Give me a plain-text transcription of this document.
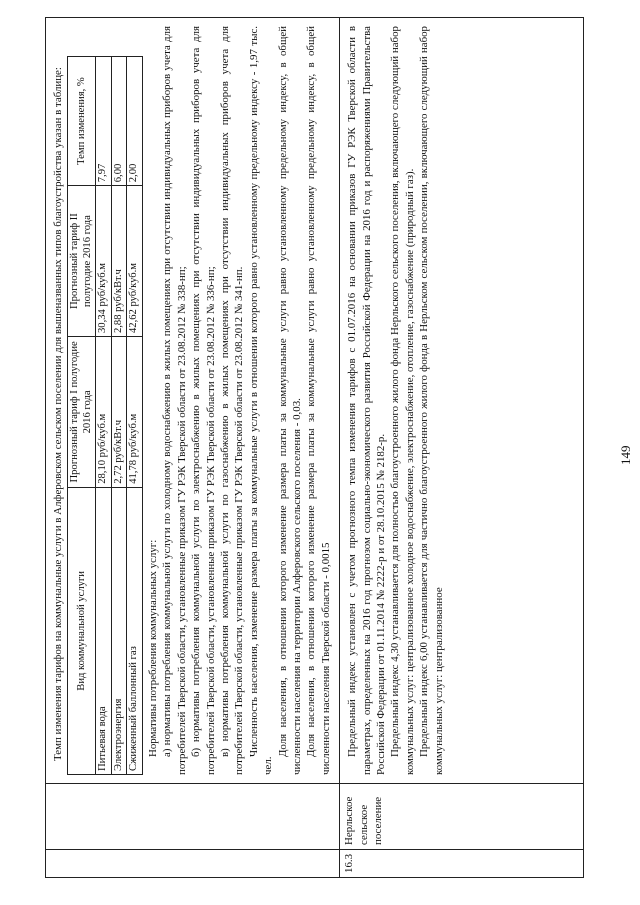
149

Темп изменения тарифов на коммунальные услуги в Алферовском сельском поселении для вышеназванных типов благоустройства указан в таблице: Вид коммунальной услуги	Прогнозный тариф I полугодие 2016 года	Прогнозный тариф II полугодие 2016 года	Темп изменения, %
Питьевая вода	28,10 руб/куб.м	30,34 руб/куб.м	7,97
Электроэнергия	2,72 руб/кВт.ч	2,88 руб/кВт.ч	6,00
Сжиженный баллонный газ	41,78 руб/куб.м	42,62 руб/куб.м	2,00

Нормативы потребления коммунальных услуг: а) нормативы потребления коммунальной услуги по холодному водоснабжению в жилых помещениях при отсутствии индивидуальных приборов учета для потребителей Тверской области, установленные приказом ГУ РЭК Тверской области от 23.08.2012 № 338-нп; б) нормативы потребления коммунальной услуги по электроснабжению в жилых помещениях при отсутствии индивидуальных приборов учета для потребителей Тверской области, установленные приказом ГУ РЭК Тверской области от 23.08.2012 № 336-нп; в) нормативы потребления коммунальной услуги по газоснабжению в жилых помещениях при отсутствии индивидуальных приборов учета для потребителей Тверской области, установленные приказом ГУ РЭК Тверской области от 23.08.2012 № 341-нп. Численность населения, изменение размера платы за коммунальные услуги в отношении которого равно установленному предельному индексу - 1,97 тыс. чел.

Доля населения, в отношении которого изменение размера платы за коммунальные услуги равно установленному предельному индексу, в общей численности населения на территории Алферовского сельского поселения - 0,03. Доля населения, в отношении которого изменение размера платы за коммунальные услуги равно установленному предельному индексу, в общей численности населения Тверской области - 0,0015

16.3	Нерльское сельское поселение	

Предельный индекс установлен с учетом прогнозного темпа изменения тарифов с 01.07.2016 на основании приказов ГУ РЭК Тверской области в параметрах, определенных на 2016 год прогнозом социально-экономического развития Российской Федерации на 2016 год и распоряжениями Правительства Российской Федерации от 01.11.2014 № 2222-р и от 28.10.2015 № 2182-р. Предельный индекс 4,30 устанавливается для полностью благоустроенного жилого фонда Нерльского сельского поселения, включающего следующий набор коммунальных услуг: централизованное холодное водоснабжение, электроснабжение, отопление, газоснабжение (природный газ). Предельный индекс 6,00 устанавливается для частично благоустроенного жилого фонда в Нерльском сельском поселении, включающего следующий набор коммунальных услуг: централизованное
